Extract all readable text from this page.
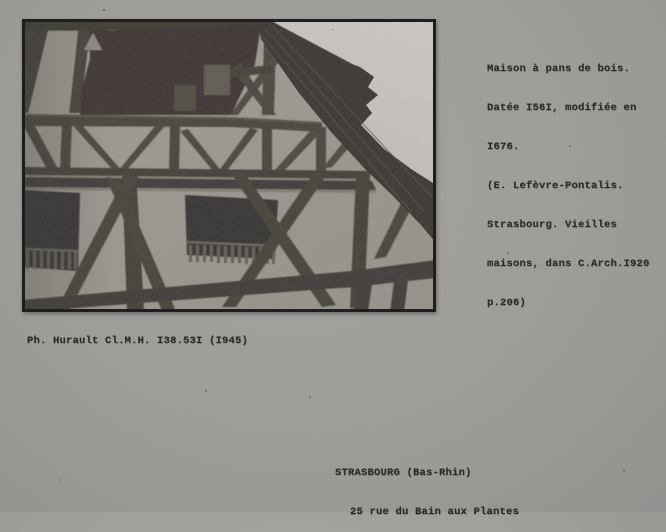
Maison à pans de bois.

Datée I56I, modifiée en

I676.

(E. Lefèvre-Pontalis.

Strasbourg. Vieilles

maisons, dans C.Arch.I920

p.206)

Ph. Hurault Cl.M.H. I38.53I (I945)

STRASBOURG (Bas-Rhin)

25 rue du Bain aux Plantes
